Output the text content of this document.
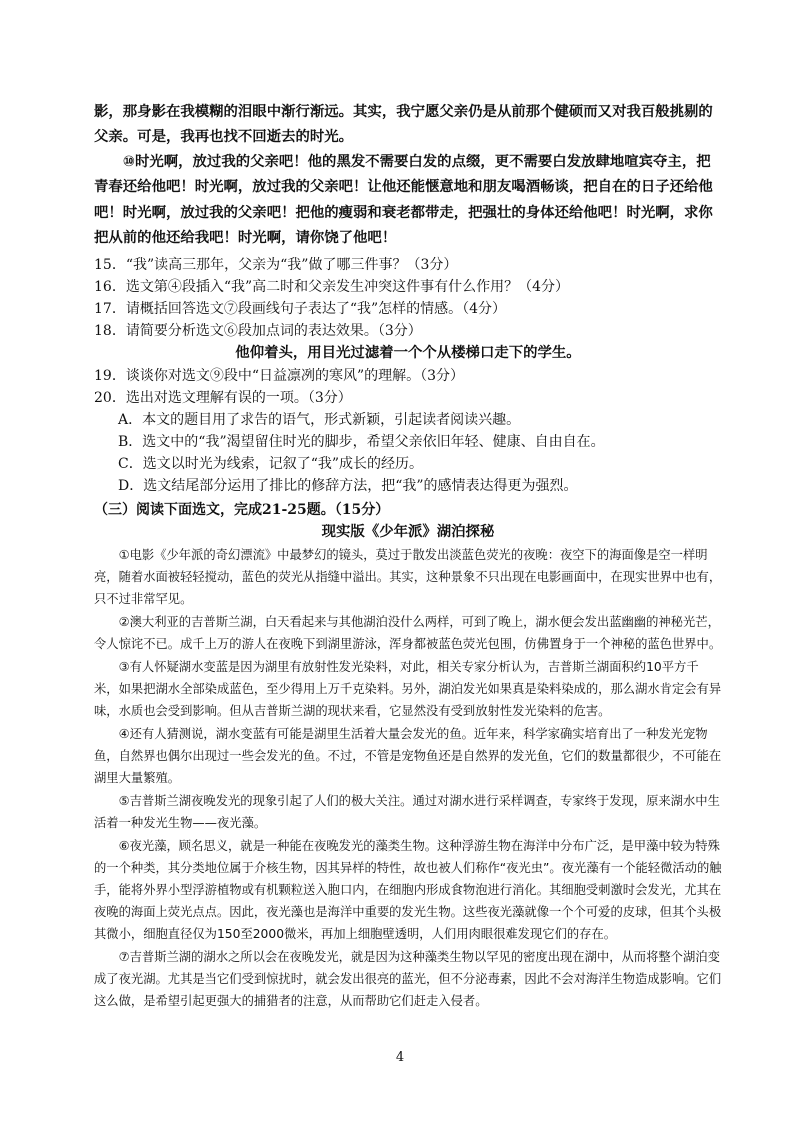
影，那身影在我模糊的泪眼中渐行渐远。其实，我宁愿父亲仍是从前那个健硕而又对我百般挑剔的父亲。可是，我再也找不回逝去的时光。

⑩时光啊，放过我的父亲吧！他的黑发不需要白发的点缀，更不需要白发放肆地喧宾夺主，把青春还给他吧！时光啊，放过我的父亲吧！让他还能惬意地和朋友喝酒畅谈，把自在的日子还给他吧！时光啊，放过我的父亲吧！把他的瘦弱和衰老都带走，把强壮的身体还给他吧！时光啊，求你把从前的他还给我吧！时光啊，请你饶了他吧！

15．“我”读高三那年，父亲为“我”做了哪三件事？（3分）

16．选文第④段插入“我”高二时和父亲发生冲突这件事有什么作用？（4分）

17．请概括回答选文⑦段画线句子表达了“我”怎样的情感。（4分）

18．请简要分析选文⑥段加点词的表达效果。（3分）

他仰着头，用目光过滤着一个个从楼梯口走下的学生。

19．谈谈你对选文⑨段中“日益凛冽的寒风”的理解。（3分）

20．选出对选文理解有误的一项。（3分）

A．本文的题目用了求告的语气，形式新颖，引起读者阅读兴趣。

B．选文中的“我”渴望留住时光的脚步，希望父亲依旧年轻、健康、自由自在。

C．选文以时光为线索，记叙了“我”成长的经历。

D．选文结尾部分运用了排比的修辞方法，把“我”的感情表达得更为强烈。

（三）阅读下面选文，完成21-25题。（15分）

现实版《少年派》湖泊探秘

①电影《少年派的奇幻漂流》中最梦幻的镜头，莫过于散发出淡蓝色荧光的夜晚：夜空下的海面像是空一样明亮，随着水面被轻轻搅动，蓝色的荧光从指缝中溢出。其实，这种景象不只出现在电影画面中，在现实世界中也有，只不过非常罕见。

②澳大利亚的吉普斯兰湖，白天看起来与其他湖泊没什么两样，可到了晚上，湖水便会发出蓝幽幽的神秘光芒，令人惊诧不已。成千上万的游人在夜晚下到湖里游泳，浑身都被蓝色荧光包围，仿佛置身于一个神秘的蓝色世界中。

③有人怀疑湖水变蓝是因为湖里有放射性发光染料，对此，相关专家分析认为，吉普斯兰湖面积约10平方千米，如果把湖水全部染成蓝色，至少得用上万千克染料。另外，湖泊发光如果真是染料染成的，那么湖水肯定会有异味，水质也会受到影响。但从吉普斯兰湖的现状来看，它显然没有受到放射性发光染料的危害。

④还有人猜测说，湖水变蓝有可能是湖里生活着大量会发光的鱼。近年来，科学家确实培育出了一种发光宠物鱼，自然界也偶尔出现过一些会发光的鱼。不过，不管是宠物鱼还是自然界的发光鱼，它们的数量都很少，不可能在湖里大量繁殖。

⑤吉普斯兰湖夜晚发光的现象引起了人们的极大关注。通过对湖水进行采样调查，专家终于发现，原来湖水中生活着一种发光生物——夜光藻。

⑥夜光藻，顾名思义，就是一种能在夜晚发光的藻类生物。这种浮游生物在海洋中分布广泛，是甲藻中较为特殊的一个种类，其分类地位属于介核生物，因其异样的特性，故也被人们称作“夜光虫”。夜光藻有一个能轻微活动的触手，能将外界小型浮游植物或有机颗粒送入胞口内，在细胞内形成食物泡进行消化。其细胞受刺激时会发光，尤其在夜晚的海面上荧光点点。因此，夜光藻也是海洋中重要的发光生物。这些夜光藻就像一个个可爱的皮球，但其个头极其微小，细胞直径仅为150至2000微米，再加上细胞壁透明，人们用肉眼很难发现它们的存在。

4

⑦吉普斯兰湖的湖水之所以会在夜晚发光，就是因为这种藻类生物以罕见的密度出现在湖中，从而将整个湖泊变成了夜光湖。尤其是当它们受到惊扰时，就会发出很亮的蓝光，但不分泌毒素，因此不会对海洋生物造成影响。它们这么做，是希望引起更强大的捕猎者的注意，从而帮助它们赶走入侵者。
